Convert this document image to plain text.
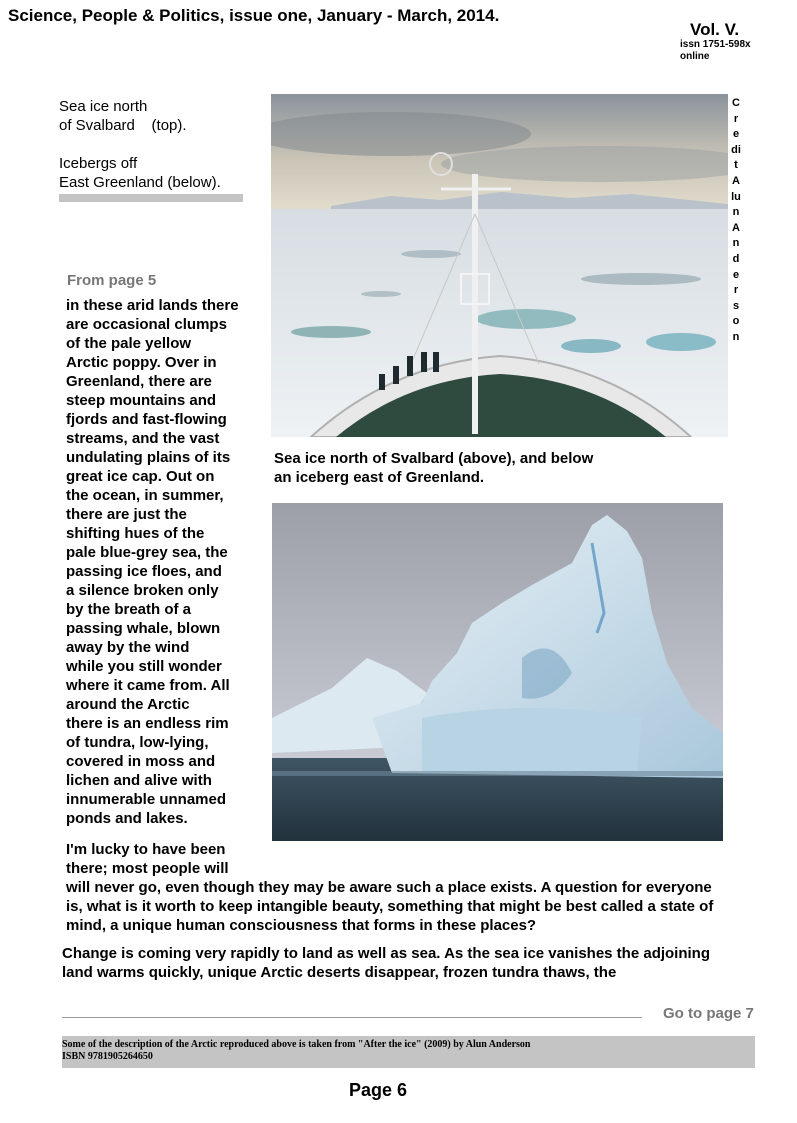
Science, People & Politics, issue one, January - March, 2014.
Vol. V.
issn 1751-598x
online
Sea ice north
of Svalbard    (top).
Icebergs off
East Greenland (below).
Credit Alun Anderson
Sea ice north of Svalbard (above), and below
an iceberg east of Greenland.
From page 5
in these arid lands there
are occasional clumps
of the pale yellow
Arctic poppy. Over in
Greenland, there are
steep mountains and
fjords and fast-flowing
streams, and the vast
undulating plains of its
great ice cap. Out on
the ocean, in summer,
there are just the
shifting hues of the
pale blue-grey sea, the
passing ice floes, and
a silence broken only
by the breath of a
passing whale, blown
away by the wind
while you still wonder
where it came from. All
around the Arctic
there is an endless rim
of tundra, low-lying,
covered in moss and
lichen and alive with
innumerable unnamed
ponds and lakes.
I'm lucky to have been
there; most people will
will never go, even though they may be aware such a place exists. A question for everyone is, what is it worth to keep intangible beauty, something that might be best called a state of mind, a unique human consciousness that forms in these places?
Change is coming very rapidly to land as well as sea. As the sea ice vanishes the adjoining land warms quickly, unique Arctic deserts disappear, frozen tundra thaws, the
Go to page 7
Some of the description of the Arctic reproduced above is taken from "After the ice" (2009) by Alun Anderson
ISBN 9781905264650
Page 6
